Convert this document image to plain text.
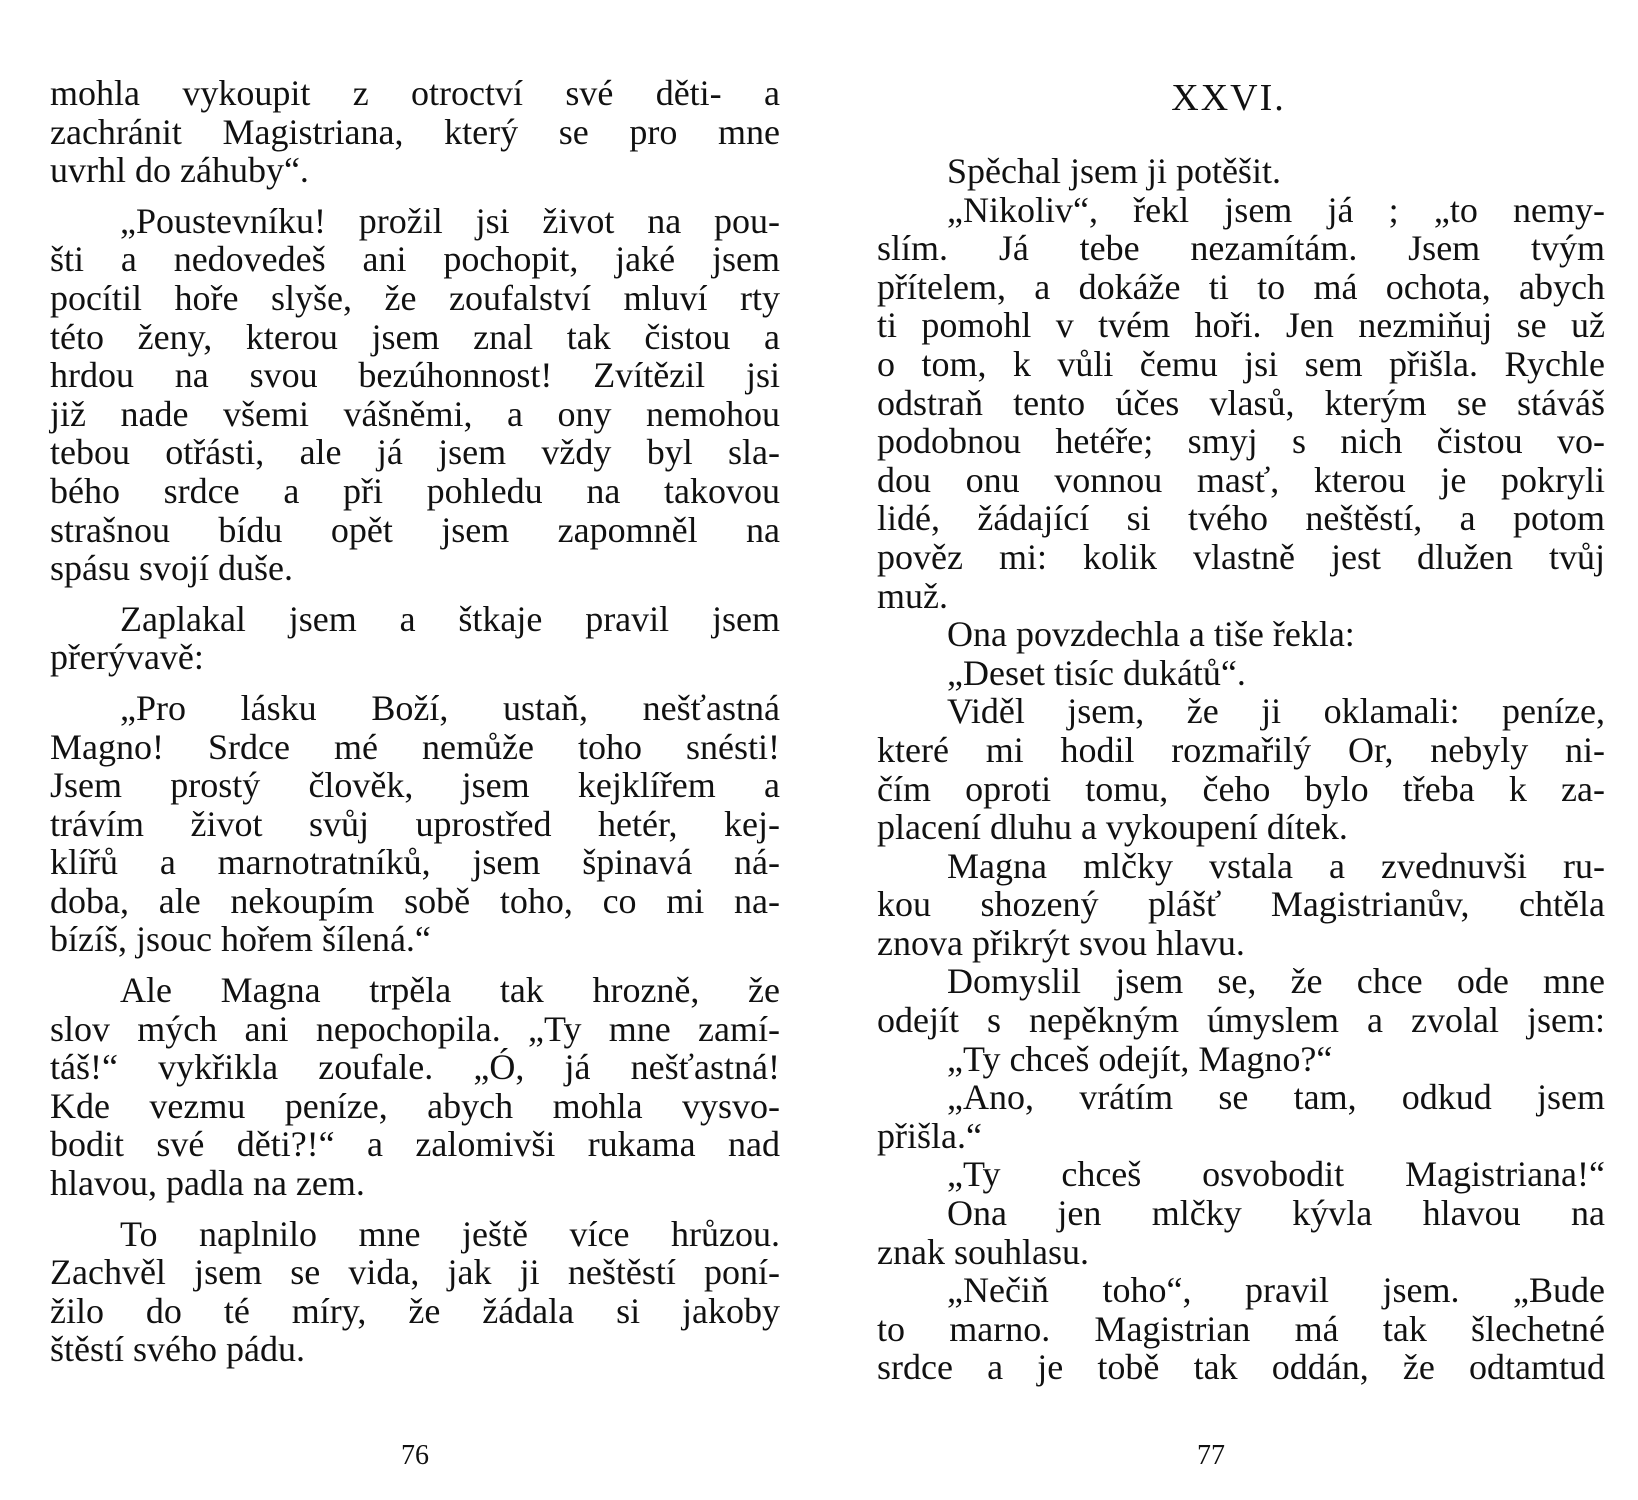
mohla vykoupit z otroctví své děti- a
zachránit Magistriana, který se pro mne
uvrhl do záhuby“.
„Poustevníku! prožil jsi život na pou-
šti a nedovedeš ani pochopit, jaké jsem
pocítil hoře slyše, že zoufalství mluví rty
této ženy, kterou jsem znal tak čistou a
hrdou na svou bezúhonnost! Zvítězil jsi
již nade všemi vášněmi, a ony nemohou
tebou otřásti, ale já jsem vždy byl sla-
bého srdce a při pohledu na takovou
strašnou bídu opět jsem zapomněl na
spásu svojí duše.
Zaplakal jsem a štkaje pravil jsem
přerývavě:
„Pro lásku Boží, ustaň, nešťastná
Magno! Srdce mé nemůže toho snésti!
Jsem prostý člověk, jsem kejklířem a
trávím život svůj uprostřed hetér, kej-
klířů a marnotratníků, jsem špinavá ná-
doba, ale nekoupím sobě toho, co mi na-
bízíš, jsouc hořem šílená.“
Ale Magna trpěla tak hrozně, že
slov mých ani nepochopila. „Ty mne zamí-
táš!“ vykřikla zoufale. „Ó, já nešťastná!
Kde vezmu peníze, abych mohla vysvo-
bodit své děti?!“ a zalomivši rukama nad
hlavou, padla na zem.
To naplnilo mne ještě více hrůzou.
Zachvěl jsem se vida, jak ji neštěstí poní-
žilo do té míry, že žádala si jakoby
štěstí svého pádu.
76
XXVI.
Spěchal jsem ji potěšit.
„Nikoliv“, řekl jsem já ; „to nemy-
slím. Já tebe nezamítám. Jsem tvým
přítelem, a dokáže ti to má ochota, abych
ti pomohl v tvém hoři. Jen nezmiňuj se už
o tom, k vůli čemu jsi sem přišla. Rychle
odstraň tento účes vlasů, kterým se stáváš
podobnou hetéře; smyj s nich čistou vo-
dou onu vonnou masť, kterou je pokryli
lidé, žádající si tvého neštěstí, a potom
pověz mi: kolik vlastně jest dlužen tvůj
muž.
Ona povzdechla a tiše řekla:
„Deset tisíc dukátů“.
Viděl jsem, že ji oklamali: peníze,
které mi hodil rozmařilý Or, nebyly ni-
čím oproti tomu, čeho bylo třeba k za-
placení dluhu a vykoupení dítek.
Magna mlčky vstala a zvednuvši ru-
kou shozený plášť Magistrianův, chtěla
znova přikrýt svou hlavu.
Domyslil jsem se, že chce ode mne
odejít s nepěkným úmyslem a zvolal jsem:
„Ty chceš odejít, Magno?“
„Ano, vrátím se tam, odkud jsem
přišla.“
„Ty chceš osvobodit Magistriana!“
Ona jen mlčky kývla hlavou na
znak souhlasu.
„Nečiň toho“, pravil jsem. „Bude
to marno. Magistrian má tak šlechetné
srdce a je tobě tak oddán, že odtamtud
77
